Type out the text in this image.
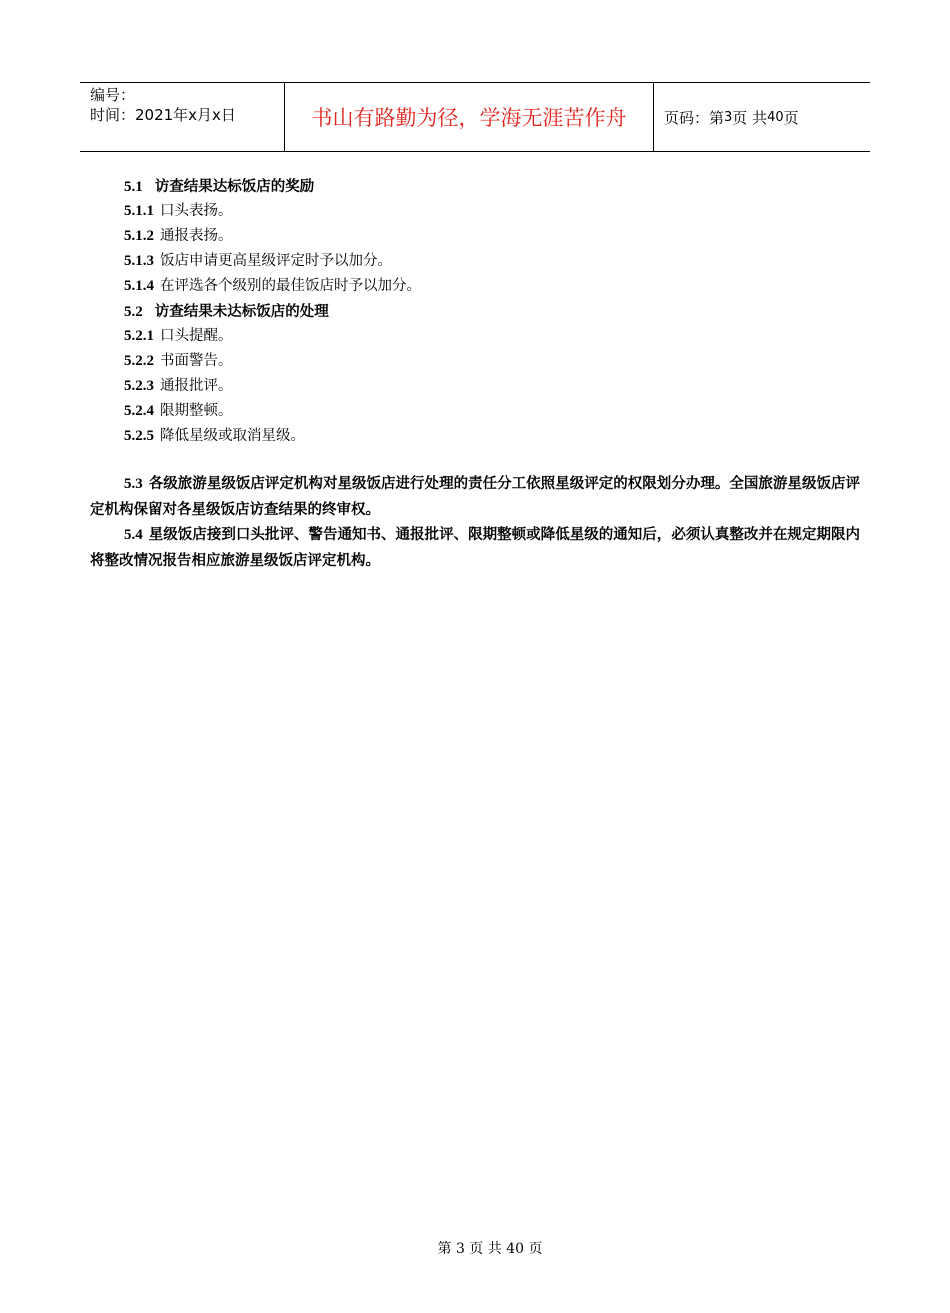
编号：
时间：2021年x月x日	书山有路勤为径，学海无涯苦作舟	页码：第 3 页 共 40 页
5.1 访查结果达标饭店的奖励
5.1.1 口头表扬。
5.1.2 通报表扬。
5.1.3 饭店申请更高星级评定时予以加分。
5.1.4 在评选各个级别的最佳饭店时予以加分。
5.2 访查结果未达标饭店的处理
5.2.1 口头提醒。
5.2.2 书面警告。
5.2.3 通报批评。
5.2.4 限期整顿。
5.2.5 降低星级或取消星级。
5.3 各级旅游星级饭店评定机构对星级饭店进行处理的责任分工依照星级评定的权限划分办理。全国旅游星级饭店评定机构保留对各星级饭店访查结果的终审权。
5.4 星级饭店接到口头批评、警告通知书、通报批评、限期整顿或降低星级的通知后，必须认真整改并在规定期限内将整改情况报告相应旅游星级饭店评定机构。
第 3 页 共 40 页
